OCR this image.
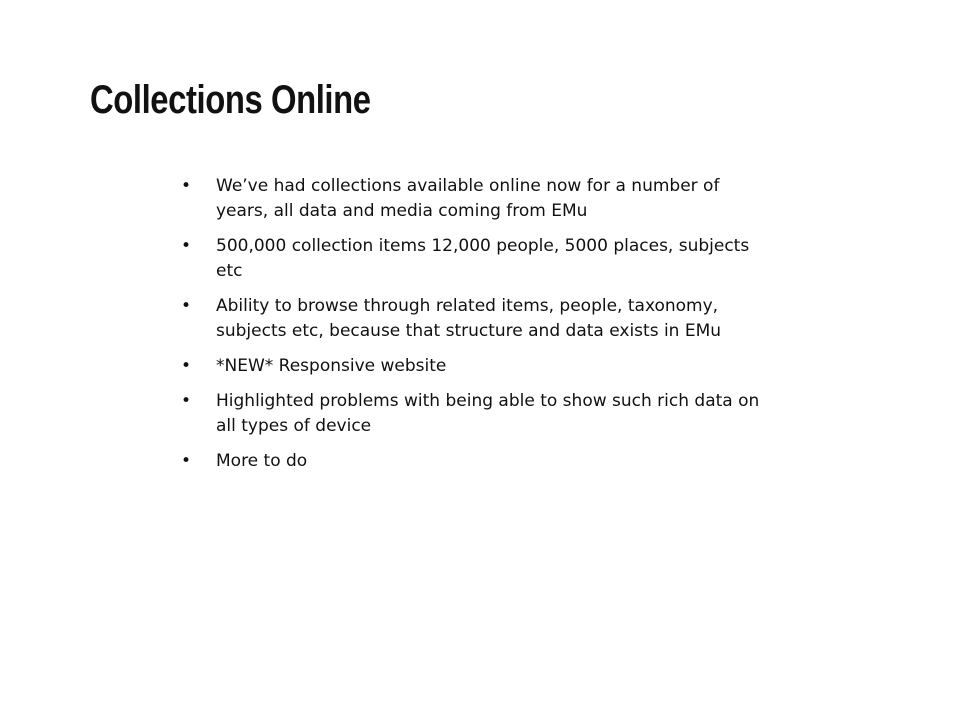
Collections Online
• We’ve had collections available online now for a number of years, all data and media coming from EMu
• 500,000 collection items 12,000 people, 5000 places, subjects etc
• Ability to browse through related items, people, taxonomy, subjects etc, because that structure and data exists in EMu
• *NEW* Responsive website
• Highlighted problems with being able to show such rich data on all types of device
• More to do
